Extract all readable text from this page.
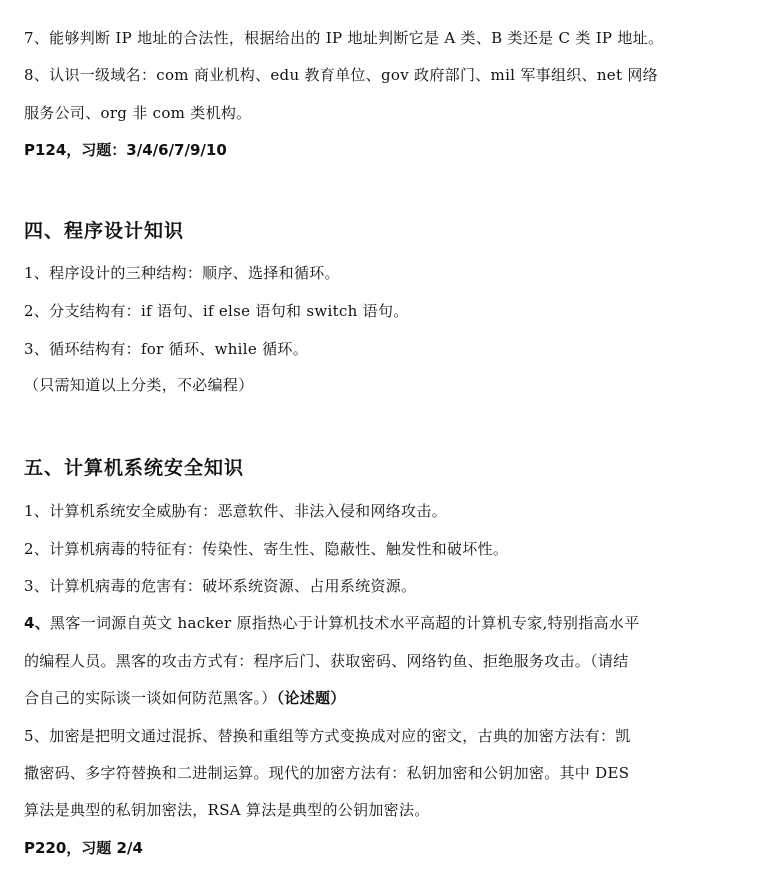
7、能够判断 IP 地址的合法性，根据给出的 IP 地址判断它是 A 类、B 类还是 C 类 IP 地址。
8、认识一级域名：com 商业机构、edu 教育单位、gov 政府部门、mil 军事组织、net 网络
服务公司、org 非 com 类机构。
P124，习题：3/4/6/7/9/10
四、程序设计知识
1、程序设计的三种结构：顺序、选择和循环。
2、分支结构有：if 语句、if else 语句和 switch 语句。
3、循环结构有：for 循环、while 循环。
（只需知道以上分类，不必编程）
五、计算机系统安全知识
1、计算机系统安全威胁有：恶意软件、非法入侵和网络攻击。
2、计算机病毒的特征有：传染性、寄生性、隐蔽性、触发性和破坏性。
3、计算机病毒的危害有：破坏系统资源、占用系统资源。
4、黑客一词源自英文 hacker 原指热心于计算机技术水平高超的计算机专家,特别指高水平
的编程人员。黑客的攻击方式有：程序后门、获取密码、网络钓鱼、拒绝服务攻击。（请结
合自己的实际谈一谈如何防范黑客。）（论述题）
5、加密是把明文通过混拆、替换和重组等方式变换成对应的密文，古典的加密方法有：凯
撒密码、多字符替换和二进制运算。现代的加密方法有：私钥加密和公钥加密。其中 DES
算法是典型的私钥加密法，RSA 算法是典型的公钥加密法。
P220，习题 2/4
